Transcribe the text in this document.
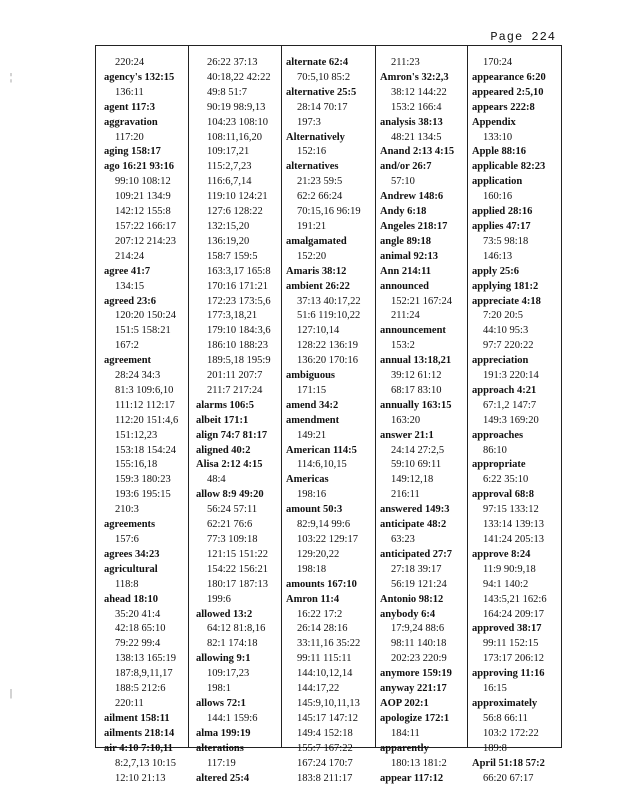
Page 224
¦
|
220:24
agency's 132:15
136:11
agent 117:3
aggravation
117:20
aging 158:17
ago 16:21 93:16
99:10 108:12
109:21 134:9
142:12 155:8
157:22 166:17
207:12 214:23
214:24
agree 41:7
134:15
agreed 23:6
120:20 150:24
151:5 158:21
167:2
agreement
28:24 34:3
81:3 109:6,10
111:12 112:17
112:20 151:4,6
151:12,23
153:18 154:24
155:16,18
159:3 180:23
193:6 195:15
210:3
agreements
157:6
agrees 34:23
agricultural
118:8
ahead 18:10
35:20 41:4
42:18 65:10
79:22 99:4
138:13 165:19
187:8,9,11,17
188:5 212:6
220:11
ailment 158:11
ailments 218:14
air 4:10 7:10,11
8:2,7,13 10:15
12:10 21:13
26:22 37:13
40:18,22 42:22
49:8 51:7
90:19 98:9,13
104:23 108:10
108:11,16,20
109:17,21
115:2,7,23
116:6,7,14
119:10 124:21
127:6 128:22
132:15,20
136:19,20
158:7 159:5
163:3,17 165:8
170:16 171:21
172:23 173:5,6
177:3,18,21
179:10 184:3,6
186:10 188:23
189:5,18 195:9
201:11 207:7
211:7 217:24
alarms 106:5
albeit 171:1
align 74:7 81:17
aligned 40:2
Alisa 2:12 4:15
48:4
allow 8:9 49:20
56:24 57:11
62:21 76:6
77:3 109:18
121:15 151:22
154:22 156:21
180:17 187:13
199:6
allowed 13:2
64:12 81:8,16
82:1 174:18
allowing 9:1
109:17,23
198:1
allows 72:1
144:1 159:6
alma 199:19
alterations
117:19
altered 25:4
alternate 62:4
70:5,10 85:2
alternative 25:5
28:14 70:17
197:3
Alternatively
152:16
alternatives
21:23 59:5
62:2 66:24
70:15,16 96:19
191:21
amalgamated
152:20
Amaris 38:12
ambient 26:22
37:13 40:17,22
51:6 119:10,22
127:10,14
128:22 136:19
136:20 170:16
ambiguous
171:15
amend 34:2
amendment
149:21
American 114:5
114:6,10,15
Americas
198:16
amount 50:3
82:9,14 99:6
103:22 129:17
129:20,22
198:18
amounts 167:10
Amron 11:4
16:22 17:2
26:14 28:16
33:11,16 35:22
99:11 115:11
144:10,12,14
144:17,22
145:9,10,11,13
145:17 147:12
149:4 152:18
155:7 167:22
167:24 170:7
183:8 211:17
211:23
Amron's 32:2,3
38:12 144:22
153:2 166:4
analysis 38:13
48:21 134:5
Anand 2:13 4:15
and/or 26:7
57:10
Andrew 148:6
Andy 6:18
Angeles 218:17
angle 89:18
animal 92:13
Ann 214:11
announced
152:21 167:24
211:24
announcement
153:2
annual 13:18,21
39:12 61:12
68:17 83:10
annually 163:15
163:20
answer 21:1
24:14 27:2,5
59:10 69:11
149:12,18
216:11
answered 149:3
anticipate 48:2
63:23
anticipated 27:7
27:18 39:17
56:19 121:24
Antonio 98:12
anybody 6:4
17:9,24 88:6
98:11 140:18
202:23 220:9
anymore 159:19
anyway 221:17
AOP 202:1
apologize 172:1
184:11
apparently
180:13 181:2
appear 117:12
170:24
appearance 6:20
appeared 2:5,10
appears 222:8
Appendix
133:10
Apple 88:16
applicable 82:23
application
160:16
applied 28:16
applies 47:17
73:5 98:18
146:13
apply 25:6
applying 181:2
appreciate 4:18
7:20 20:5
44:10 95:3
97:7 220:22
appreciation
191:3 220:14
approach 4:21
67:1,2 147:7
149:3 169:20
approaches
86:10
appropriate
6:22 35:10
approval 68:8
97:15 133:12
133:14 139:13
141:24 205:13
approve 8:24
11:9 90:9,18
94:1 140:2
143:5,21 162:6
164:24 209:17
approved 38:17
99:11 152:15
173:17 206:12
approving 11:16
16:15
approximately
56:8 66:11
103:2 172:22
189:8
April 51:18 57:2
66:20 67:17
